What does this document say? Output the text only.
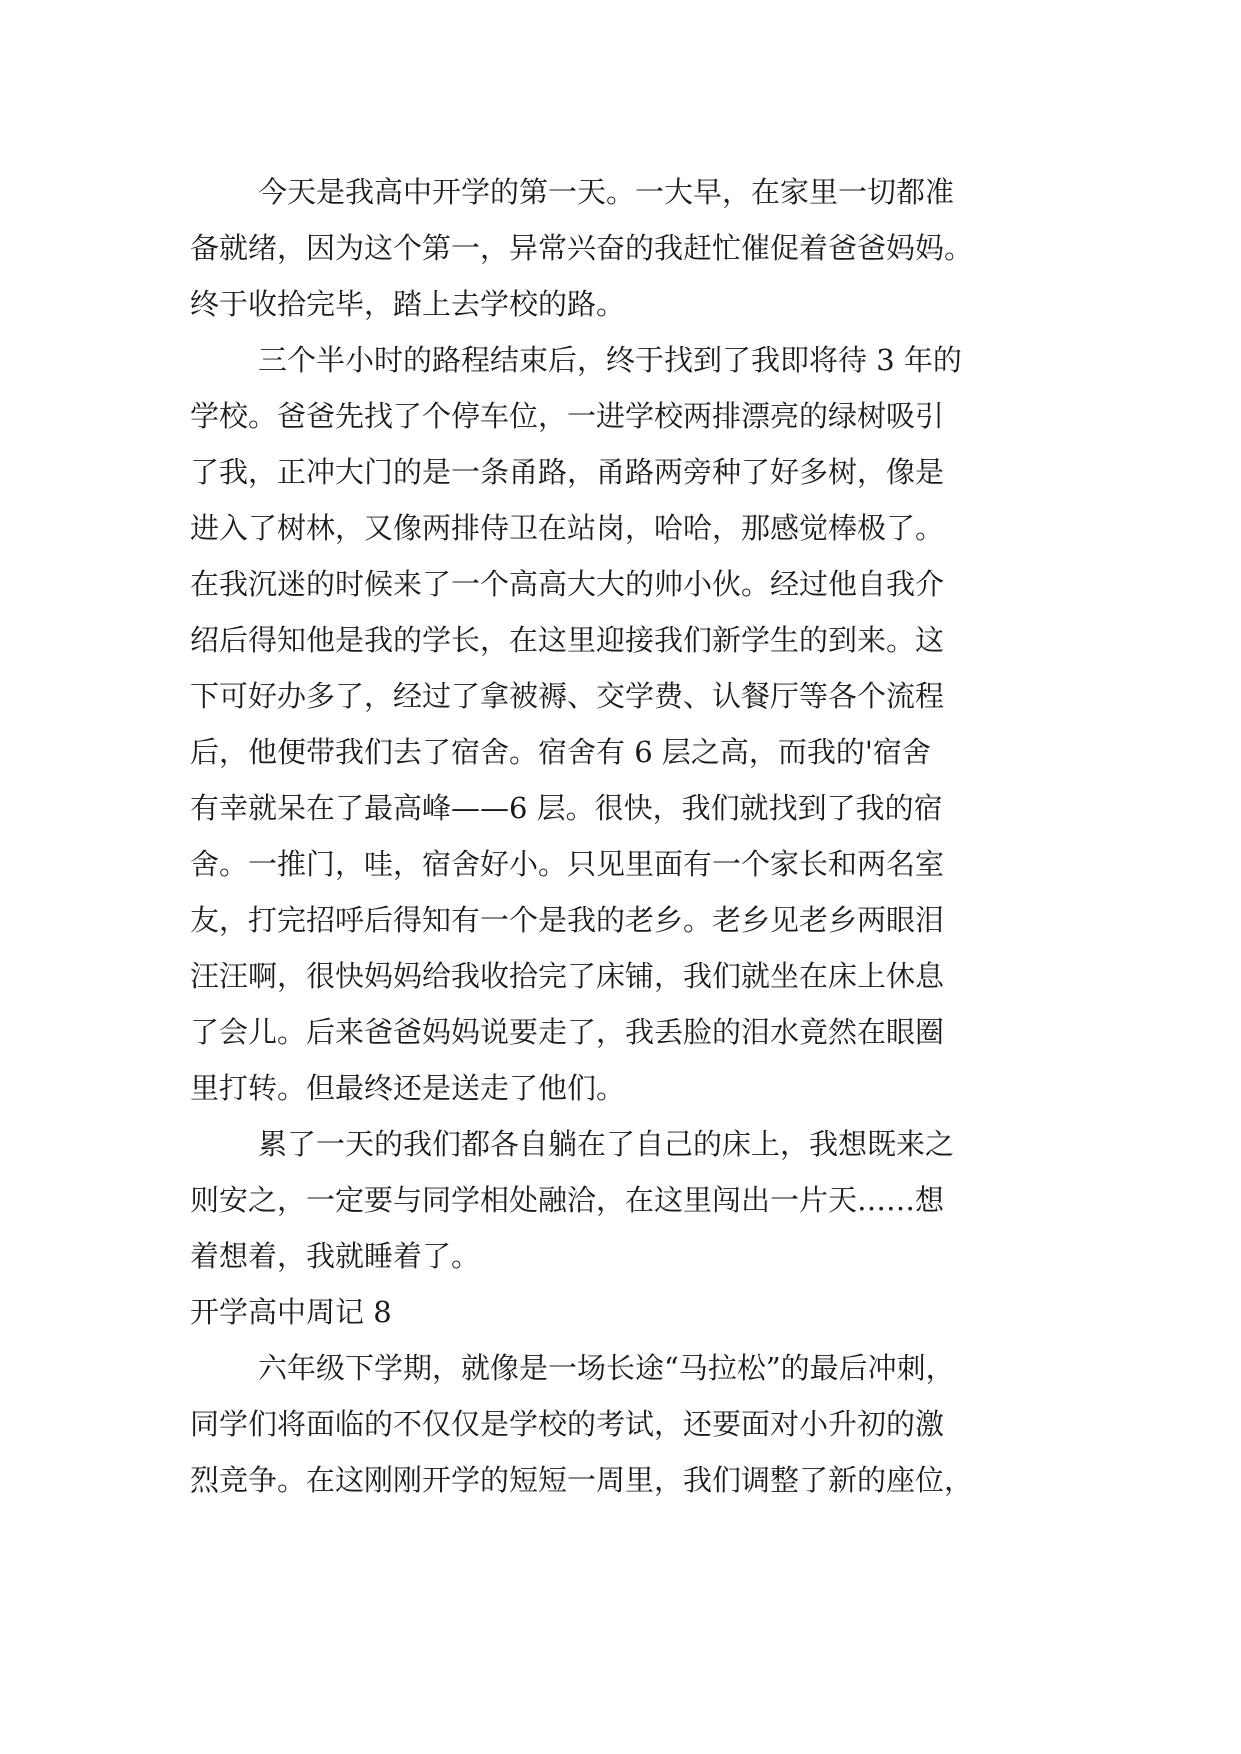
今天是我高中开学的第一天。一大早，在家里一切都准
备就绪，因为这个第一，异常兴奋的我赶忙催促着爸爸妈妈。
终于收拾完毕，踏上去学校的路。
三个半小时的路程结束后，终于找到了我即将待 3 年的
学校。爸爸先找了个停车位，一进学校两排漂亮的绿树吸引
了我，正冲大门的是一条甬路，甬路两旁种了好多树，像是
进入了树林，又像两排侍卫在站岗，哈哈，那感觉棒极了。
在我沉迷的时候来了一个高高大大的帅小伙。经过他自我介
绍后得知他是我的学长，在这里迎接我们新学生的到来。这
下可好办多了，经过了拿被褥、交学费、认餐厅等各个流程
后，他便带我们去了宿舍。宿舍有 6 层之高，而我的'宿舍
有幸就呆在了最高峰——6 层。很快，我们就找到了我的宿
舍。一推门，哇，宿舍好小。只见里面有一个家长和两名室
友，打完招呼后得知有一个是我的老乡。老乡见老乡两眼泪
汪汪啊，很快妈妈给我收拾完了床铺，我们就坐在床上休息
了会儿。后来爸爸妈妈说要走了，我丢脸的泪水竟然在眼圈
里打转。但最终还是送走了他们。
累了一天的我们都各自躺在了自己的床上，我想既来之
则安之，一定要与同学相处融洽，在这里闯出一片天……想
着想着，我就睡着了。
开学高中周记 8
六年级下学期，就像是一场长途“马拉松”的最后冲刺，
同学们将面临的不仅仅是学校的考试，还要面对小升初的激
烈竞争。在这刚刚开学的短短一周里，我们调整了新的座位，
